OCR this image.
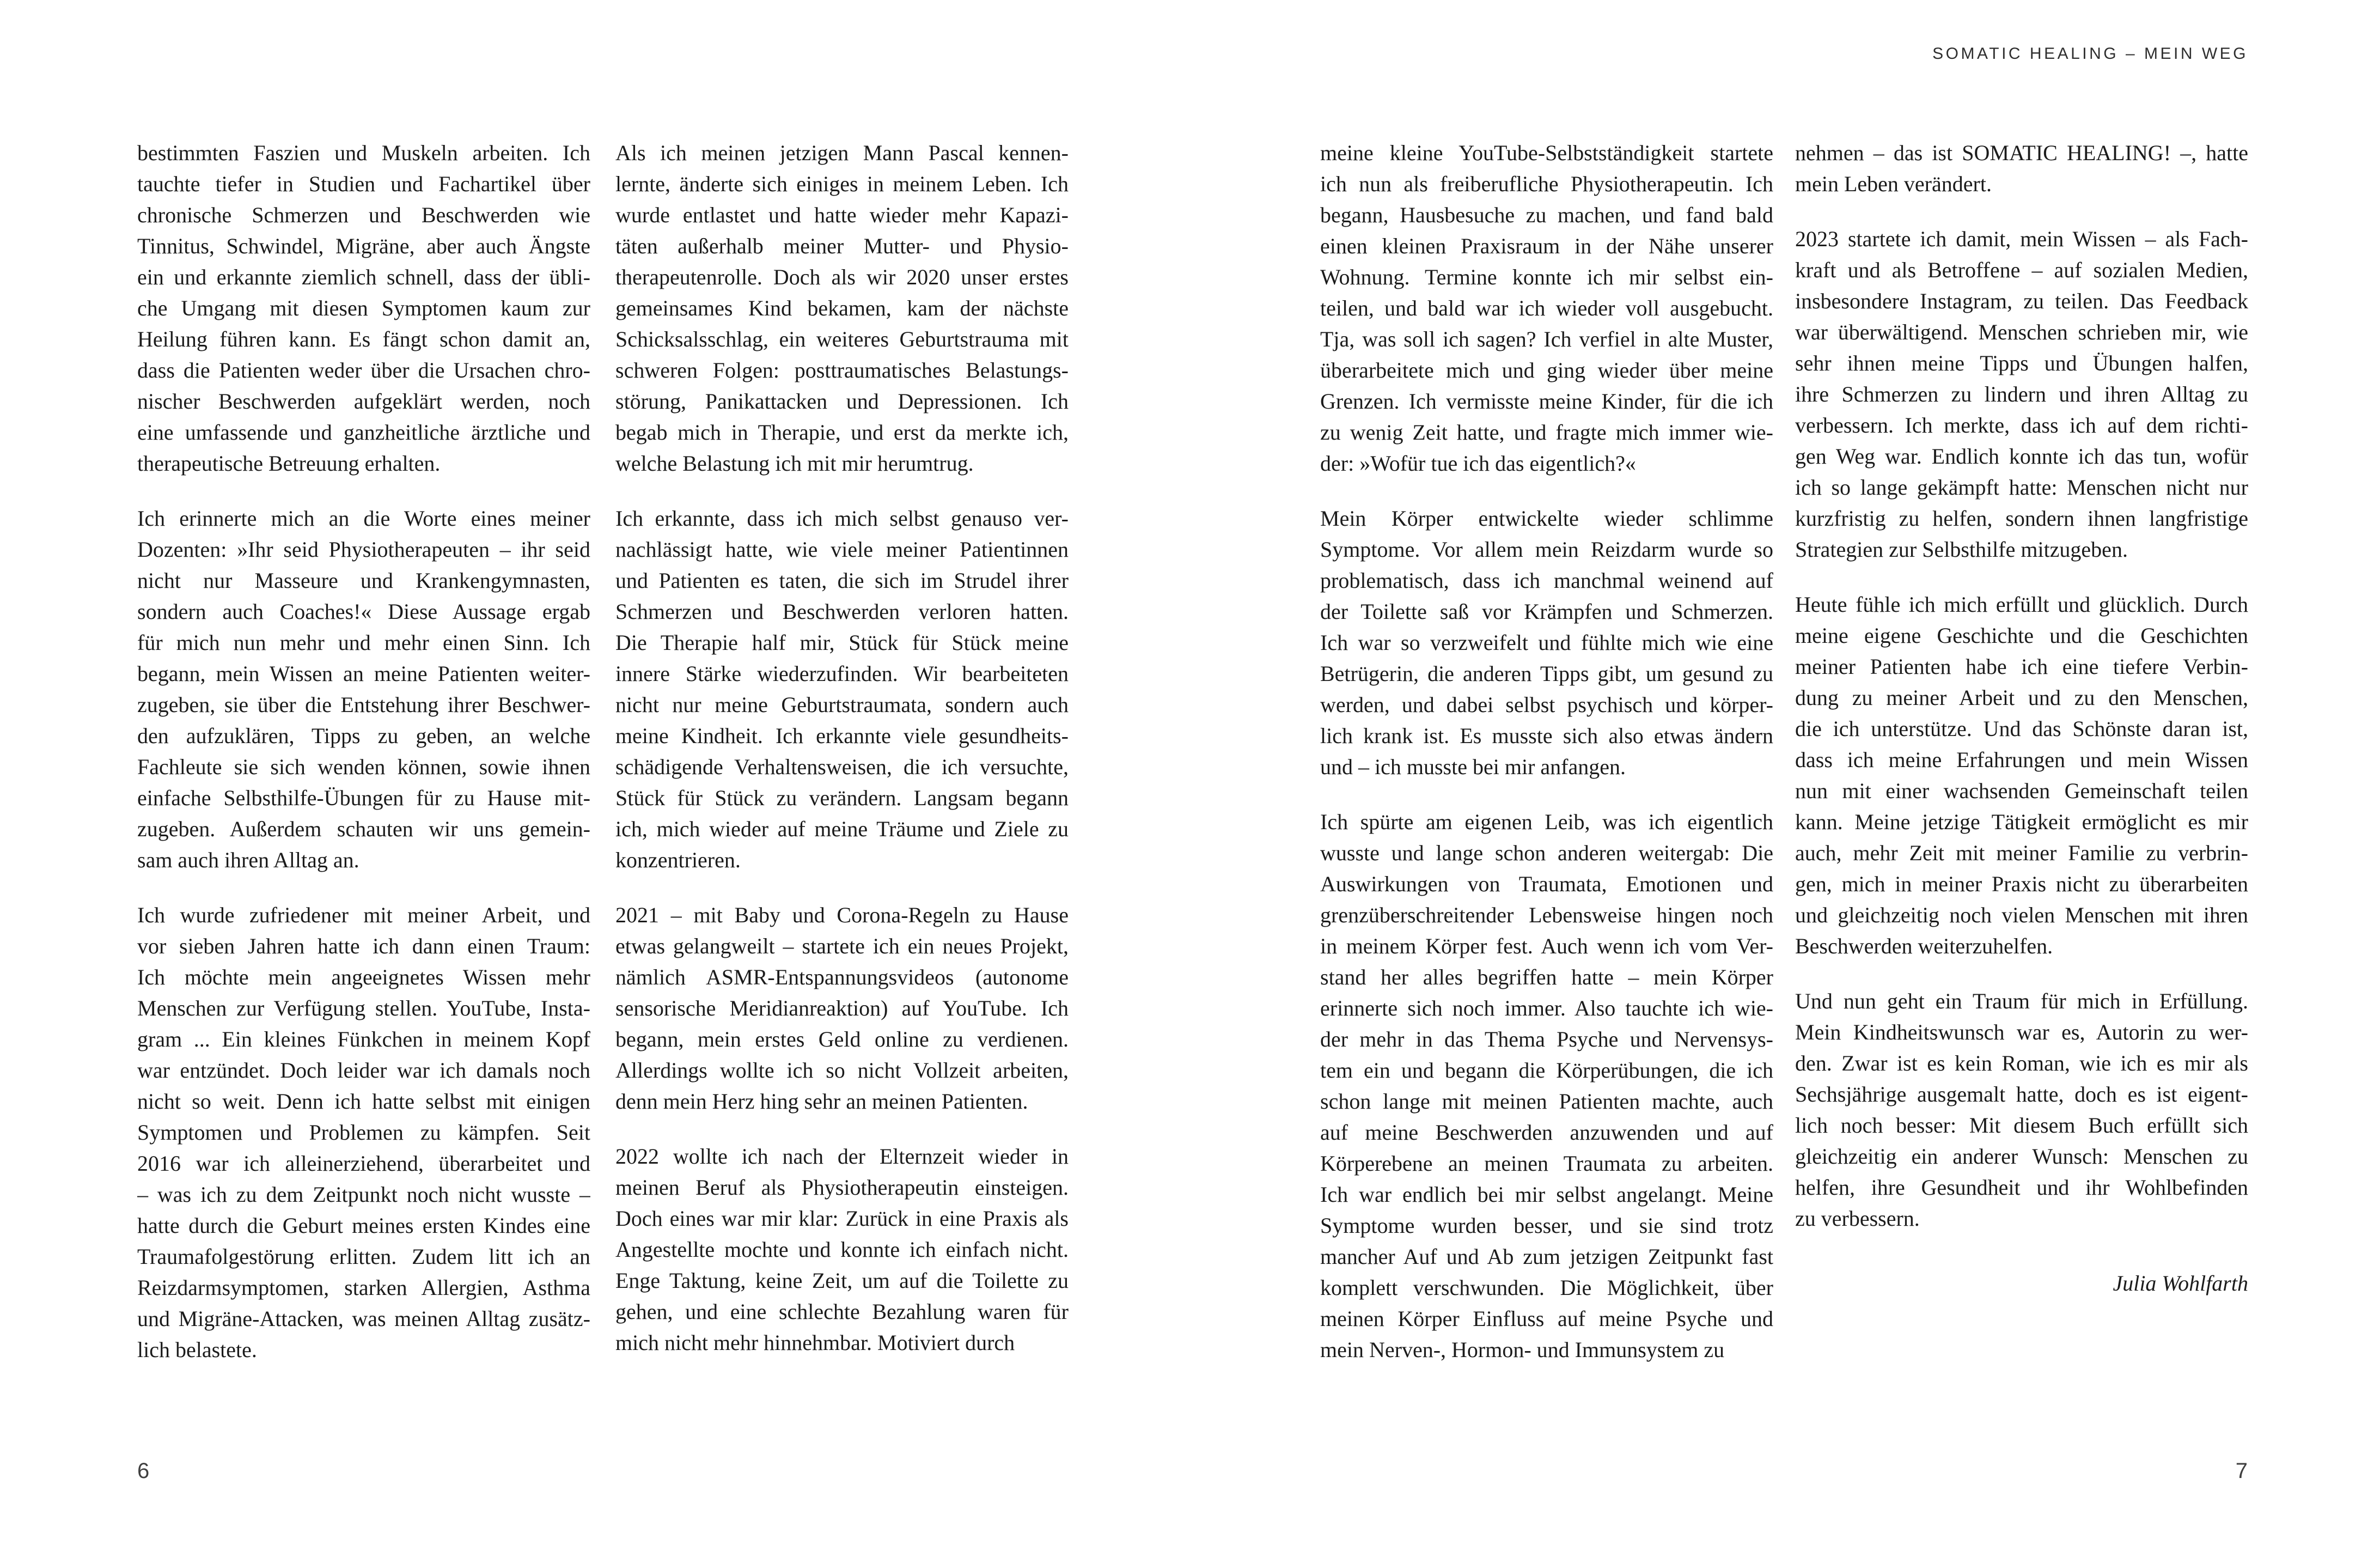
bestimmten Faszien und Muskeln arbeiten. Ich
tauchte tiefer in Studien und Fachartikel über
chronische Schmerzen und Beschwerden wie
Tinnitus, Schwindel, Migräne, aber auch Ängste
ein und erkannte ziemlich schnell, dass der übli-
che Umgang mit diesen Symptomen kaum zur
Heilung führen kann. Es fängt schon damit an,
dass die Patienten weder über die Ursachen chro-
nischer Beschwerden aufgeklärt werden, noch
eine umfassende und ganzheitliche ärztliche und
therapeutische Betreuung erhalten.
Ich erinnerte mich an die Worte eines meiner
Dozenten: »Ihr seid Physiotherapeuten – ihr seid
nicht nur Masseure und Krankengymnasten,
sondern auch Coaches!« Diese Aussage ergab
für mich nun mehr und mehr einen Sinn. Ich
begann, mein Wissen an meine Patienten weiter-
zugeben, sie über die Entstehung ihrer Beschwer-
den aufzuklären, Tipps zu geben, an welche
Fachleute sie sich wenden können, sowie ihnen
einfache Selbsthilfe-Übungen für zu Hause mit-
zugeben. Außerdem schauten wir uns gemein-
sam auch ihren Alltag an.
Ich wurde zufriedener mit meiner Arbeit, und
vor sieben Jahren hatte ich dann einen Traum:
Ich möchte mein angeeignetes Wissen mehr
Menschen zur Verfügung stellen. YouTube, Insta-
gram ... Ein kleines Fünkchen in meinem Kopf
war entzündet. Doch leider war ich damals noch
nicht so weit. Denn ich hatte selbst mit einigen
Symptomen und Problemen zu kämpfen. Seit
2016 war ich alleinerziehend, überarbeitet und
– was ich zu dem Zeitpunkt noch nicht wusste –
hatte durch die Geburt meines ersten Kindes eine
Traumafolgestörung erlitten. Zudem litt ich an
Reizdarmsymptomen, starken Allergien, Asthma
und Migräne-Attacken, was meinen Alltag zusätz-
lich belastete.
Als ich meinen jetzigen Mann Pascal kennen-
lernte, änderte sich einiges in meinem Leben. Ich
wurde entlastet und hatte wieder mehr Kapazi-
täten außerhalb meiner Mutter- und Physio-
therapeutenrolle. Doch als wir 2020 unser erstes
gemeinsames Kind bekamen, kam der nächste
Schicksalsschlag, ein weiteres Geburtstrauma mit
schweren Folgen: posttraumatisches Belastungs-
störung, Panikattacken und Depressionen. Ich
begab mich in Therapie, und erst da merkte ich,
welche Belastung ich mit mir herumtrug.
Ich erkannte, dass ich mich selbst genauso ver-
nachlässigt hatte, wie viele meiner Patientinnen
und Patienten es taten, die sich im Strudel ihrer
Schmerzen und Beschwerden verloren hatten.
Die Therapie half mir, Stück für Stück meine
innere Stärke wiederzufinden. Wir bearbeiteten
nicht nur meine Geburtstraumata, sondern auch
meine Kindheit. Ich erkannte viele gesundheits-
schädigende Verhaltensweisen, die ich versuchte,
Stück für Stück zu verändern. Langsam begann
ich, mich wieder auf meine Träume und Ziele zu
konzentrieren.
2021 – mit Baby und Corona-Regeln zu Hause
etwas gelangweilt – startete ich ein neues Projekt,
nämlich ASMR-Entspannungsvideos (autonome
sensorische Meridianreaktion) auf YouTube. Ich
begann, mein erstes Geld online zu verdienen.
Allerdings wollte ich so nicht Vollzeit arbeiten,
denn mein Herz hing sehr an meinen Patienten.
2022 wollte ich nach der Elternzeit wieder in
meinen Beruf als Physiotherapeutin einsteigen.
Doch eines war mir klar: Zurück in eine Praxis als
Angestellte mochte und konnte ich einfach nicht.
Enge Taktung, keine Zeit, um auf die Toilette zu
gehen, und eine schlechte Bezahlung waren für
mich nicht mehr hinnehmbar. Motiviert durch
6
SOMATIC HEALING – MEIN WEG
meine kleine YouTube-Selbstständigkeit startete
ich nun als freiberufliche Physiotherapeutin. Ich
begann, Hausbesuche zu machen, und fand bald
einen kleinen Praxisraum in der Nähe unserer
Wohnung. Termine konnte ich mir selbst ein-
teilen, und bald war ich wieder voll ausgebucht.
Tja, was soll ich sagen? Ich verfiel in alte Muster,
überarbeitete mich und ging wieder über meine
Grenzen. Ich vermisste meine Kinder, für die ich
zu wenig Zeit hatte, und fragte mich immer wie-
der: »Wofür tue ich das eigentlich?«
Mein Körper entwickelte wieder schlimme
Symptome. Vor allem mein Reizdarm wurde so
problematisch, dass ich manchmal weinend auf
der Toilette saß vor Krämpfen und Schmerzen.
Ich war so verzweifelt und fühlte mich wie eine
Betrügerin, die anderen Tipps gibt, um gesund zu
werden, und dabei selbst psychisch und körper-
lich krank ist. Es musste sich also etwas ändern
und – ich musste bei mir anfangen.
Ich spürte am eigenen Leib, was ich eigentlich
wusste und lange schon anderen weitergab: Die
Auswirkungen von Traumata, Emotionen und
grenzüberschreitender Lebensweise hingen noch
in meinem Körper fest. Auch wenn ich vom Ver-
stand her alles begriffen hatte – mein Körper
erinnerte sich noch immer. Also tauchte ich wie-
der mehr in das Thema Psyche und Nervensys-
tem ein und begann die Körperübungen, die ich
schon lange mit meinen Patienten machte, auch
auf meine Beschwerden anzuwenden und auf
Körperebene an meinen Traumata zu arbeiten.
Ich war endlich bei mir selbst angelangt. Meine
Symptome wurden besser, und sie sind trotz
mancher Auf und Ab zum jetzigen Zeitpunkt fast
komplett verschwunden. Die Möglichkeit, über
meinen Körper Einfluss auf meine Psyche und
mein Nerven-, Hormon- und Immunsystem zu
nehmen – das ist SOMATIC HEALING! –, hatte
mein Leben verändert.
2023 startete ich damit, mein Wissen – als Fach-
kraft und als Betroffene – auf sozialen Medien,
insbesondere Instagram, zu teilen. Das Feedback
war überwältigend. Menschen schrieben mir, wie
sehr ihnen meine Tipps und Übungen halfen,
ihre Schmerzen zu lindern und ihren Alltag zu
verbessern. Ich merkte, dass ich auf dem richti-
gen Weg war. Endlich konnte ich das tun, wofür
ich so lange gekämpft hatte: Menschen nicht nur
kurzfristig zu helfen, sondern ihnen langfristige
Strategien zur Selbsthilfe mitzugeben.
Heute fühle ich mich erfüllt und glücklich. Durch
meine eigene Geschichte und die Geschichten
meiner Patienten habe ich eine tiefere Verbin-
dung zu meiner Arbeit und zu den Menschen,
die ich unterstütze. Und das Schönste daran ist,
dass ich meine Erfahrungen und mein Wissen
nun mit einer wachsenden Gemeinschaft teilen
kann. Meine jetzige Tätigkeit ermöglicht es mir
auch, mehr Zeit mit meiner Familie zu verbrin-
gen, mich in meiner Praxis nicht zu überarbeiten
und gleichzeitig noch vielen Menschen mit ihren
Beschwerden weiterzuhelfen.
Und nun geht ein Traum für mich in Erfüllung.
Mein Kindheitswunsch war es, Autorin zu wer-
den. Zwar ist es kein Roman, wie ich es mir als
Sechsjährige ausgemalt hatte, doch es ist eigent-
lich noch besser: Mit diesem Buch erfüllt sich
gleichzeitig ein anderer Wunsch: Menschen zu
helfen, ihre Gesundheit und ihr Wohlbefinden
zu verbessern.
Julia Wohlfarth
7
